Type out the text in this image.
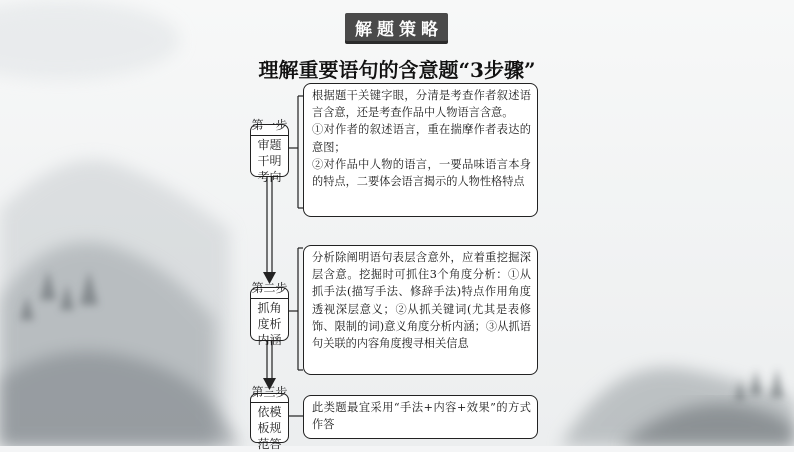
解题策略
理解重要语句的含意题“3步骤”
第一步
审题干明考向

根据题干关键字眼，分清是考查作者叙述语言含意，还是考查作品中人物语言含意。

①对作者的叙述语言，重在揣摩作者表达的意图；

②对作品中人物的语言，一要品味语言本身的特点，二要体会语言揭示的人物性格特点

第二步
抓角度析内涵

分析除阐明语句表层含意外，应着重挖掘深层含意。挖掘时可抓住3个角度分析：①从抓手法(描写手法、修辞手法)特点作用角度透视深层意义；②从抓关键词(尤其是表修饰、限制的词)意义角度分析内涵；③从抓语句关联的内容角度搜寻相关信息

第三步
依模板规范答

此类题最宜采用“手法+内容+效果”的方式作答
